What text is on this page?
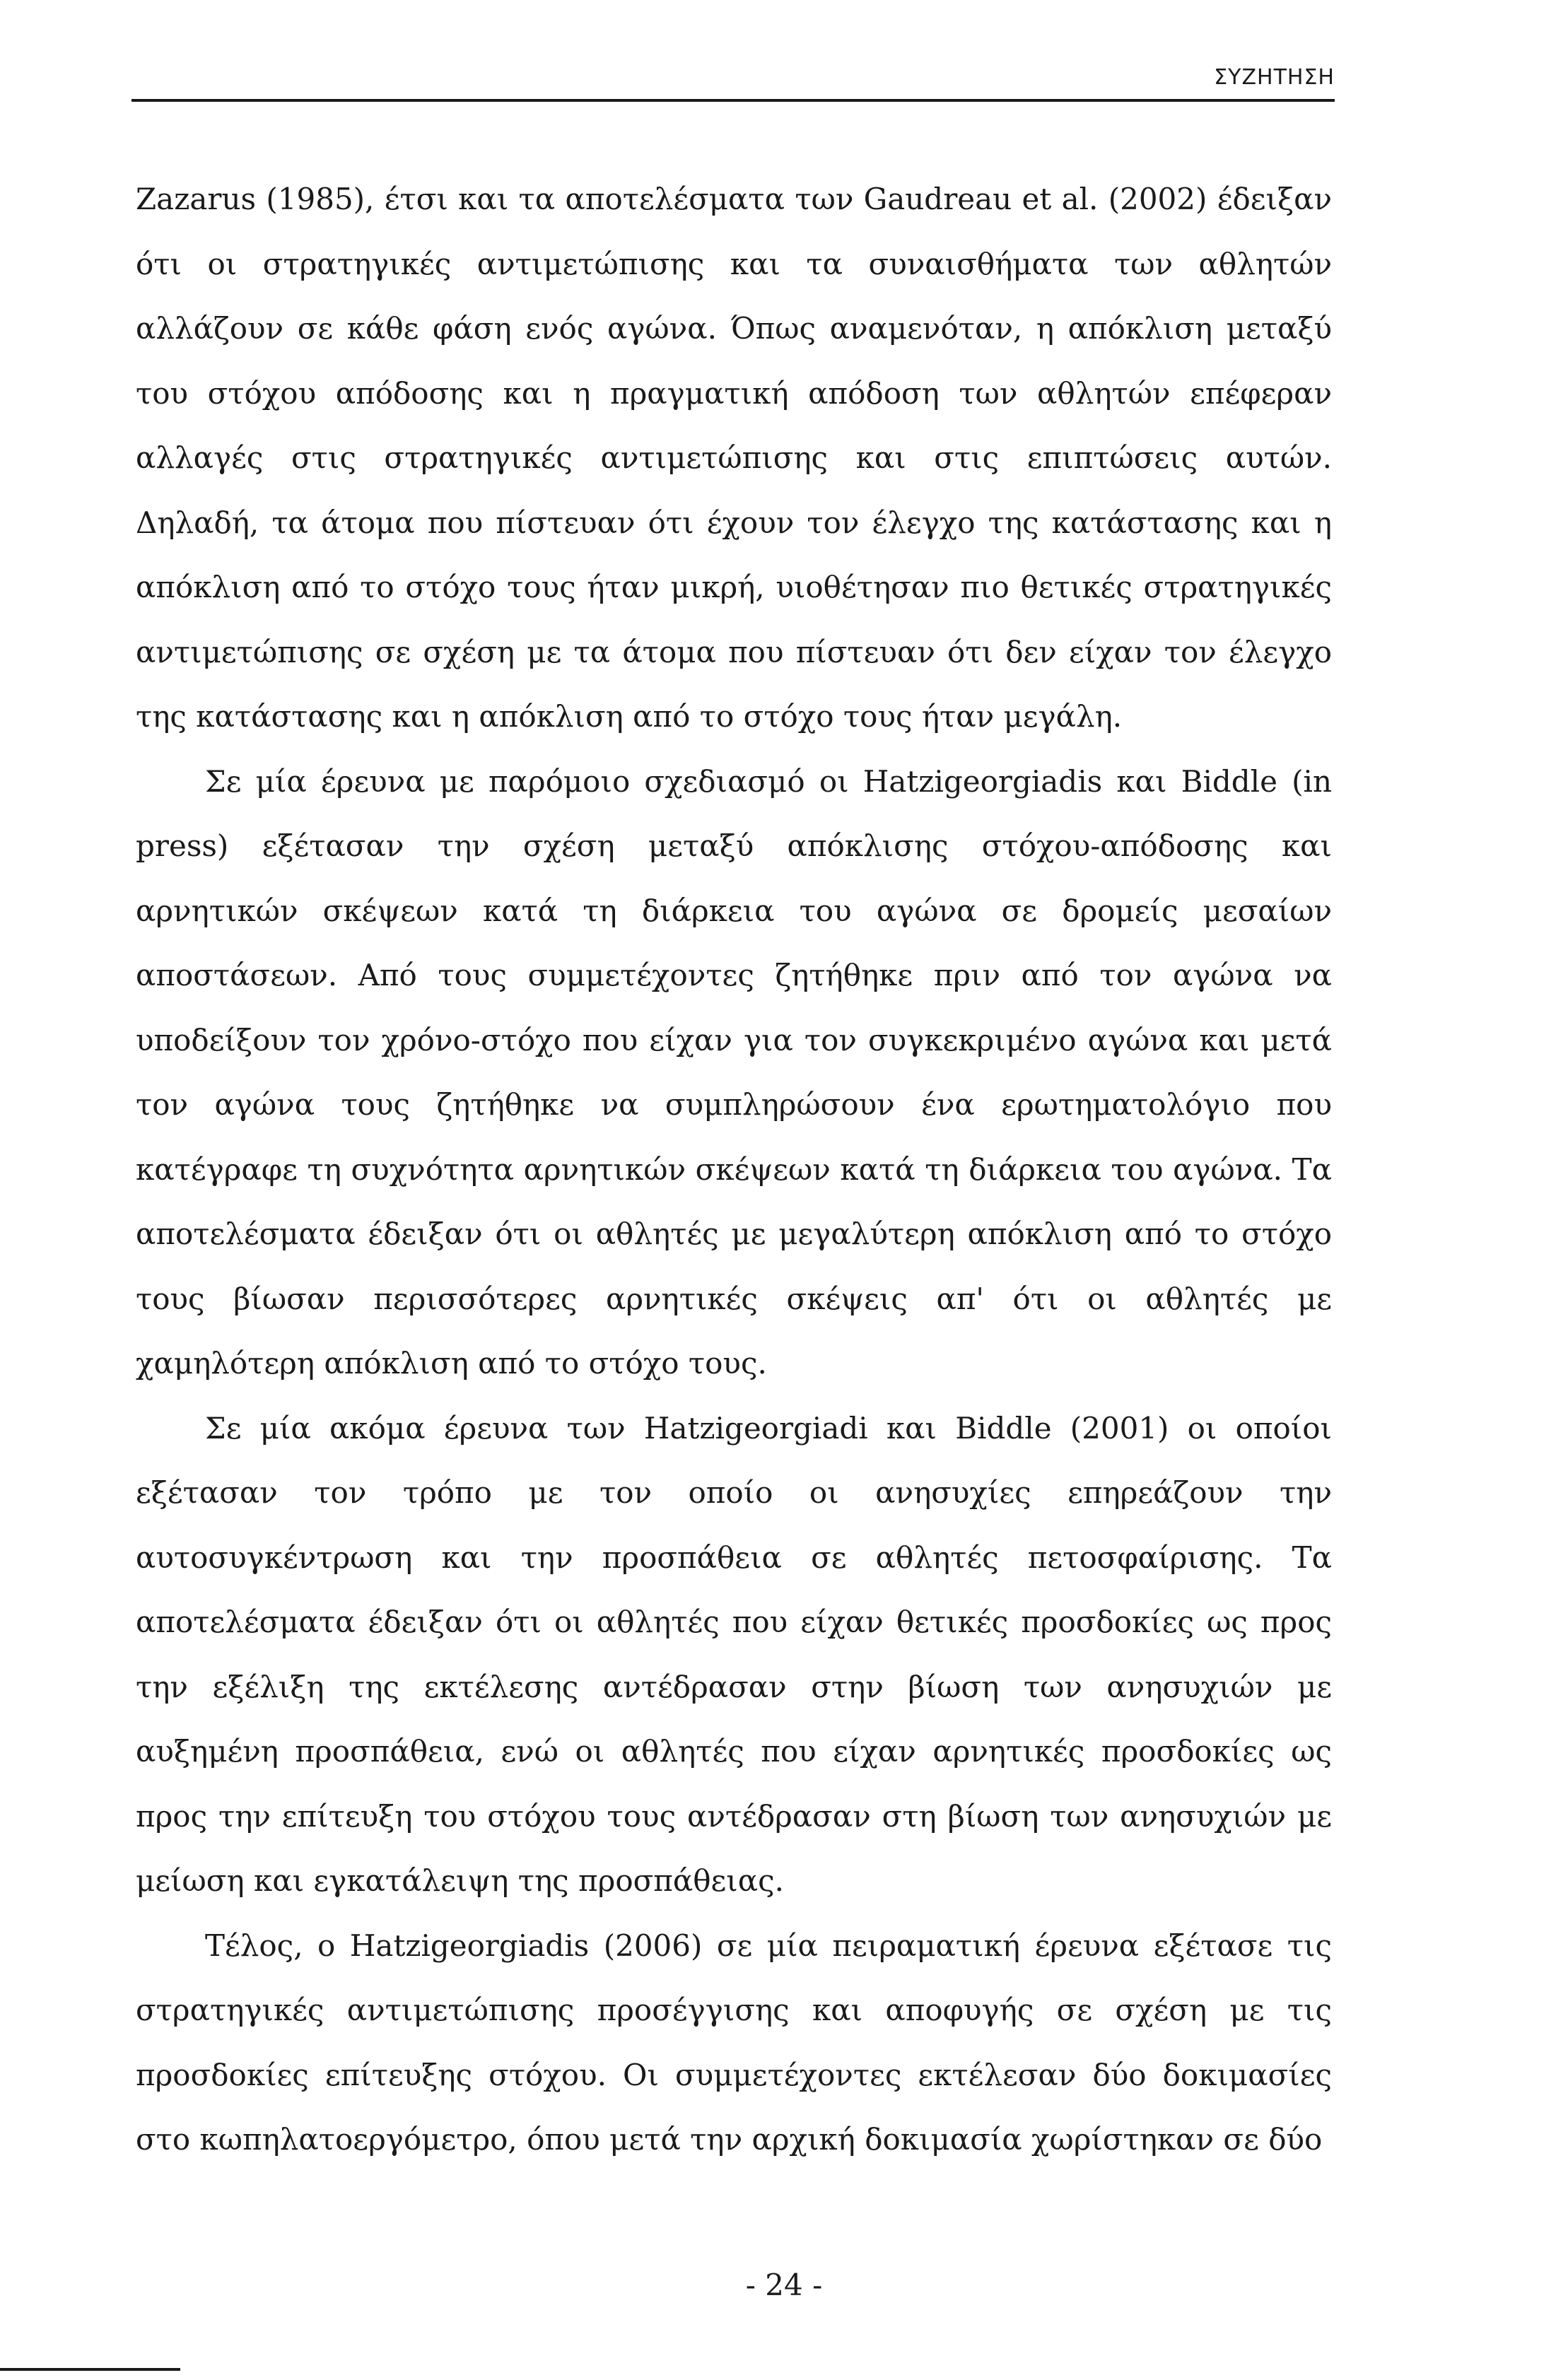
ΣΥΖΗΤΗΣΗ

Zazarus (1985), έτσι και τα αποτελέσματα των Gaudreau et al. (2002) έδειξαν ότι οι στρατηγικές αντιμετώπισης και τα συναισθήματα των αθλητών αλλάζουν σε κάθε φάση ενός αγώνα. Όπως αναμενόταν, η απόκλιση μεταξύ του στόχου απόδοσης και η πραγματική απόδοση των αθλητών επέφεραν αλλαγές στις στρατηγικές αντιμετώπισης και στις επιπτώσεις αυτών. Δηλαδή, τα άτομα που πίστευαν ότι έχουν τον έλεγχο της κατάστασης και η απόκλιση από το στόχο τους ήταν μικρή, υιοθέτησαν πιο θετικές στρατηγικές αντιμετώπισης σε σχέση με τα άτομα που πίστευαν ότι δεν είχαν τον έλεγχο της κατάστασης και η απόκλιση από το στόχο τους ήταν μεγάλη.

Σε μία έρευνα με παρόμοιο σχεδιασμό οι Hatzigeorgiadis και Biddle (in press) εξέτασαν την σχέση μεταξύ απόκλισης στόχου-απόδοσης και αρνητικών σκέψεων κατά τη διάρκεια του αγώνα σε δρομείς μεσαίων αποστάσεων. Από τους συμμετέχοντες ζητήθηκε πριν από τον αγώνα να υποδείξουν τον χρόνο-στόχο που είχαν για τον συγκεκριμένο αγώνα και μετά τον αγώνα τους ζητήθηκε να συμπληρώσουν ένα ερωτηματολόγιο που κατέγραφε τη συχνότητα αρνητικών σκέψεων κατά τη διάρκεια του αγώνα. Τα αποτελέσματα έδειξαν ότι οι αθλητές με μεγαλύτερη απόκλιση από το στόχο τους βίωσαν περισσότερες αρνητικές σκέψεις απ' ότι οι αθλητές με χαμηλότερη απόκλιση από το στόχο τους.

Σε μία ακόμα έρευνα των Hatzigeorgiadi και Biddle (2001) οι οποίοι εξέτασαν τον τρόπο με τον οποίο οι ανησυχίες επηρεάζουν την αυτοσυγκέντρωση και την προσπάθεια σε αθλητές πετοσφαίρισης. Τα αποτελέσματα έδειξαν ότι οι αθλητές που είχαν θετικές προσδοκίες ως προς την εξέλιξη της εκτέλεσης αντέδρασαν στην βίωση των ανησυχιών με αυξημένη προσπάθεια, ενώ οι αθλητές που είχαν αρνητικές προσδοκίες ως προς την επίτευξη του στόχου τους αντέδρασαν στη βίωση των ανησυχιών με μείωση και εγκατάλειψη της προσπάθειας.

Τέλος, ο Hatzigeorgiadis (2006) σε μία πειραματική έρευνα εξέτασε τις στρατηγικές αντιμετώπισης προσέγγισης και αποφυγής σε σχέση με τις προσδοκίες επίτευξης στόχου. Οι συμμετέχοντες εκτέλεσαν δύο δοκιμασίες στο κωπηλατοεργόμετρο, όπου μετά την αρχική δοκιμασία χωρίστηκαν σε δύο

- 24 -
